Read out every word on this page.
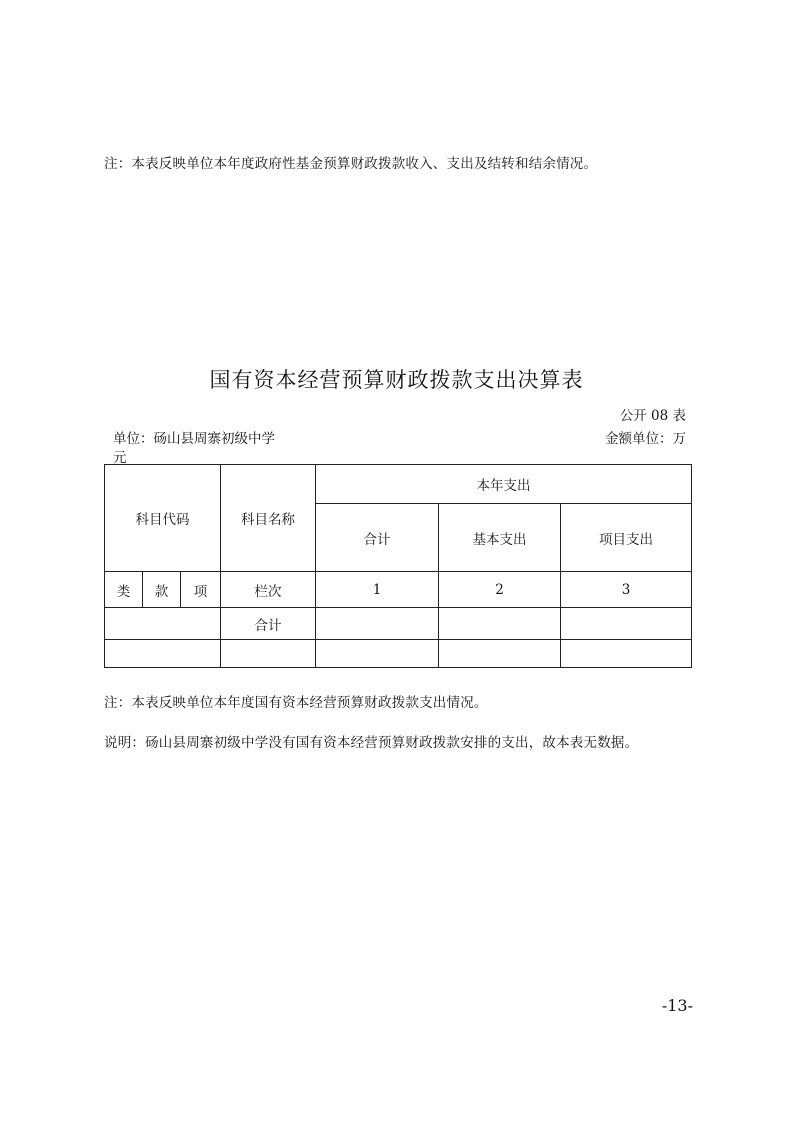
注：本表反映单位本年度政府性基金预算财政拨款收入、支出及结转和结余情况。
国有资本经营预算财政拨款支出决算表
公开 08 表
单位：砀山县周寨初级中学	金额单位：万
元
科目代码			科目名称	本年支出		
				合计	基本支出	项目支出
类	款	项	栏次	1	2	3
			合计			

注：本表反映单位本年度国有资本经营预算财政拨款支出情况。
说明：砀山县周寨初级中学没有国有资本经营预算财政拨款安排的支出，故本表无数据。
-13-
